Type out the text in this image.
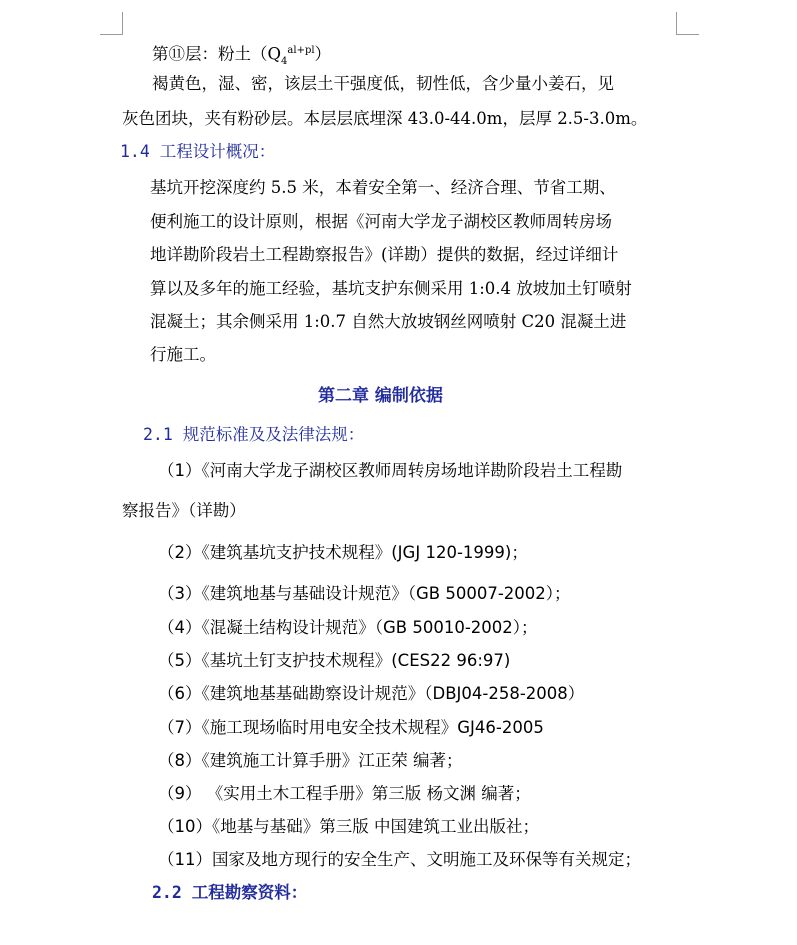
第⑪层：粉土$(Q_4^{al+pl})$
褐黄色，湿、密，该层土干强度低，韧性低，含少量小姜石，见
灰色团块，夹有粉砂层。本层层底埋深 43.0-44.0m，层厚 2.5-3.0m。
1.4 工程设计概况：
基坑开挖深度约 5.5 米，本着安全第一、经济合理、节省工期、
便利施工的设计原则，根据《河南大学龙子湖校区教师周转房场
地详勘阶段岩土工程勘察报告》(详勘）提供的数据，经过详细计
算以及多年的施工经验，基坑支护东侧采用 1:0.4 放坡加土钉喷射
混凝土；其余侧采用 1:0.7 自然大放坡钢丝网喷射 C20 混凝土进
行施工。
第二章 编制依据
2.1 规范标准及及法律法规：
（1）《河南大学龙子湖校区教师周转房场地详勘阶段岩土工程勘
察报告》（详勘）
（2）《建筑基坑支护技术规程》(JGJ 120-1999)；
（3）《建筑地基与基础设计规范》（GB 50007-2002）；
（4）《混凝土结构设计规范》（GB 50010-2002）；
（5）《基坑土钉支护技术规程》(CES22 96:97)
（6）《建筑地基基础勘察设计规范》（DBJ04-258-2008）
（7）《施工现场临时用电安全技术规程》GJ46-2005
（8）《建筑施工计算手册》江正荣 编著；
（9） 《实用土木工程手册》第三版 杨文渊 编著；
（10）《地基与基础》第三版 中国建筑工业出版社；
（11）国家及地方现行的安全生产、文明施工及环保等有关规定；
2.2 工程勘察资料：
